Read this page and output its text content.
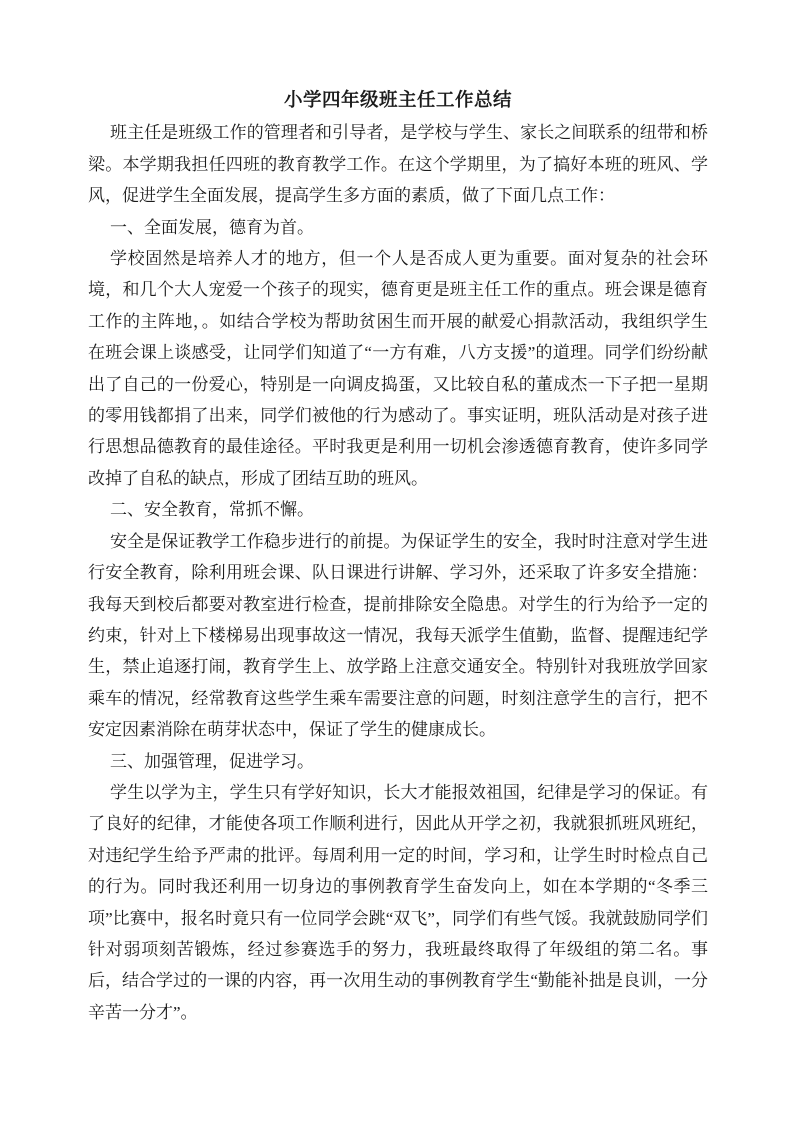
小学四年级班主任工作总结

班主任是班级工作的管理者和引导者，是学校与学生、家长之间联系的纽带和桥梁。本学期我担任四班的教育教学工作。在这个学期里，为了搞好本班的班风、学风，促进学生全面发展，提高学生多方面的素质，做了下面几点工作：

一、全面发展，德育为首。

学校固然是培养人才的地方，但一个人是否成人更为重要。面对复杂的社会环境，和几个大人宠爱一个孩子的现实，德育更是班主任工作的重点。班会课是德育工作的主阵地，。如结合学校为帮助贫困生而开展的献爱心捐款活动，我组织学生在班会课上谈感受，让同学们知道了“一方有难，八方支援”的道理。同学们纷纷献出了自己的一份爱心，特别是一向调皮捣蛋，又比较自私的董成杰一下子把一星期的零用钱都捐了出来，同学们被他的行为感动了。事实证明，班队活动是对孩子进行思想品德教育的最佳途径。平时我更是利用一切机会渗透德育教育，使许多同学改掉了自私的缺点，形成了团结互助的班风。

二、安全教育，常抓不懈。

安全是保证教学工作稳步进行的前提。为保证学生的安全，我时时注意对学生进行安全教育，除利用班会课、队日课进行讲解、学习外，还采取了许多安全措施：我每天到校后都要对教室进行检查，提前排除安全隐患。对学生的行为给予一定的约束，针对上下楼梯易出现事故这一情况，我每天派学生值勤，监督、提醒违纪学生，禁止追逐打闹，教育学生上、放学路上注意交通安全。特别针对我班放学回家乘车的情况，经常教育这些学生乘车需要注意的问题，时刻注意学生的言行，把不安定因素消除在萌芽状态中，保证了学生的健康成长。

三、加强管理，促进学习。

学生以学为主，学生只有学好知识，长大才能报效祖国，纪律是学习的保证。有了良好的纪律，才能使各项工作顺利进行，因此从开学之初，我就狠抓班风班纪，对违纪学生给予严肃的批评。每周利用一定的时间，学习和，让学生时时检点自己的行为。同时我还利用一切身边的事例教育学生奋发向上，如在本学期的“冬季三项”比赛中，报名时竟只有一位同学会跳“双飞”，同学们有些气馁。我就鼓励同学们针对弱项刻苦锻炼，经过参赛选手的努力，我班最终取得了年级组的第二名。事后，结合学过的一课的内容，再一次用生动的事例教育学生“勤能补拙是良训，一分辛苦一分才”。
